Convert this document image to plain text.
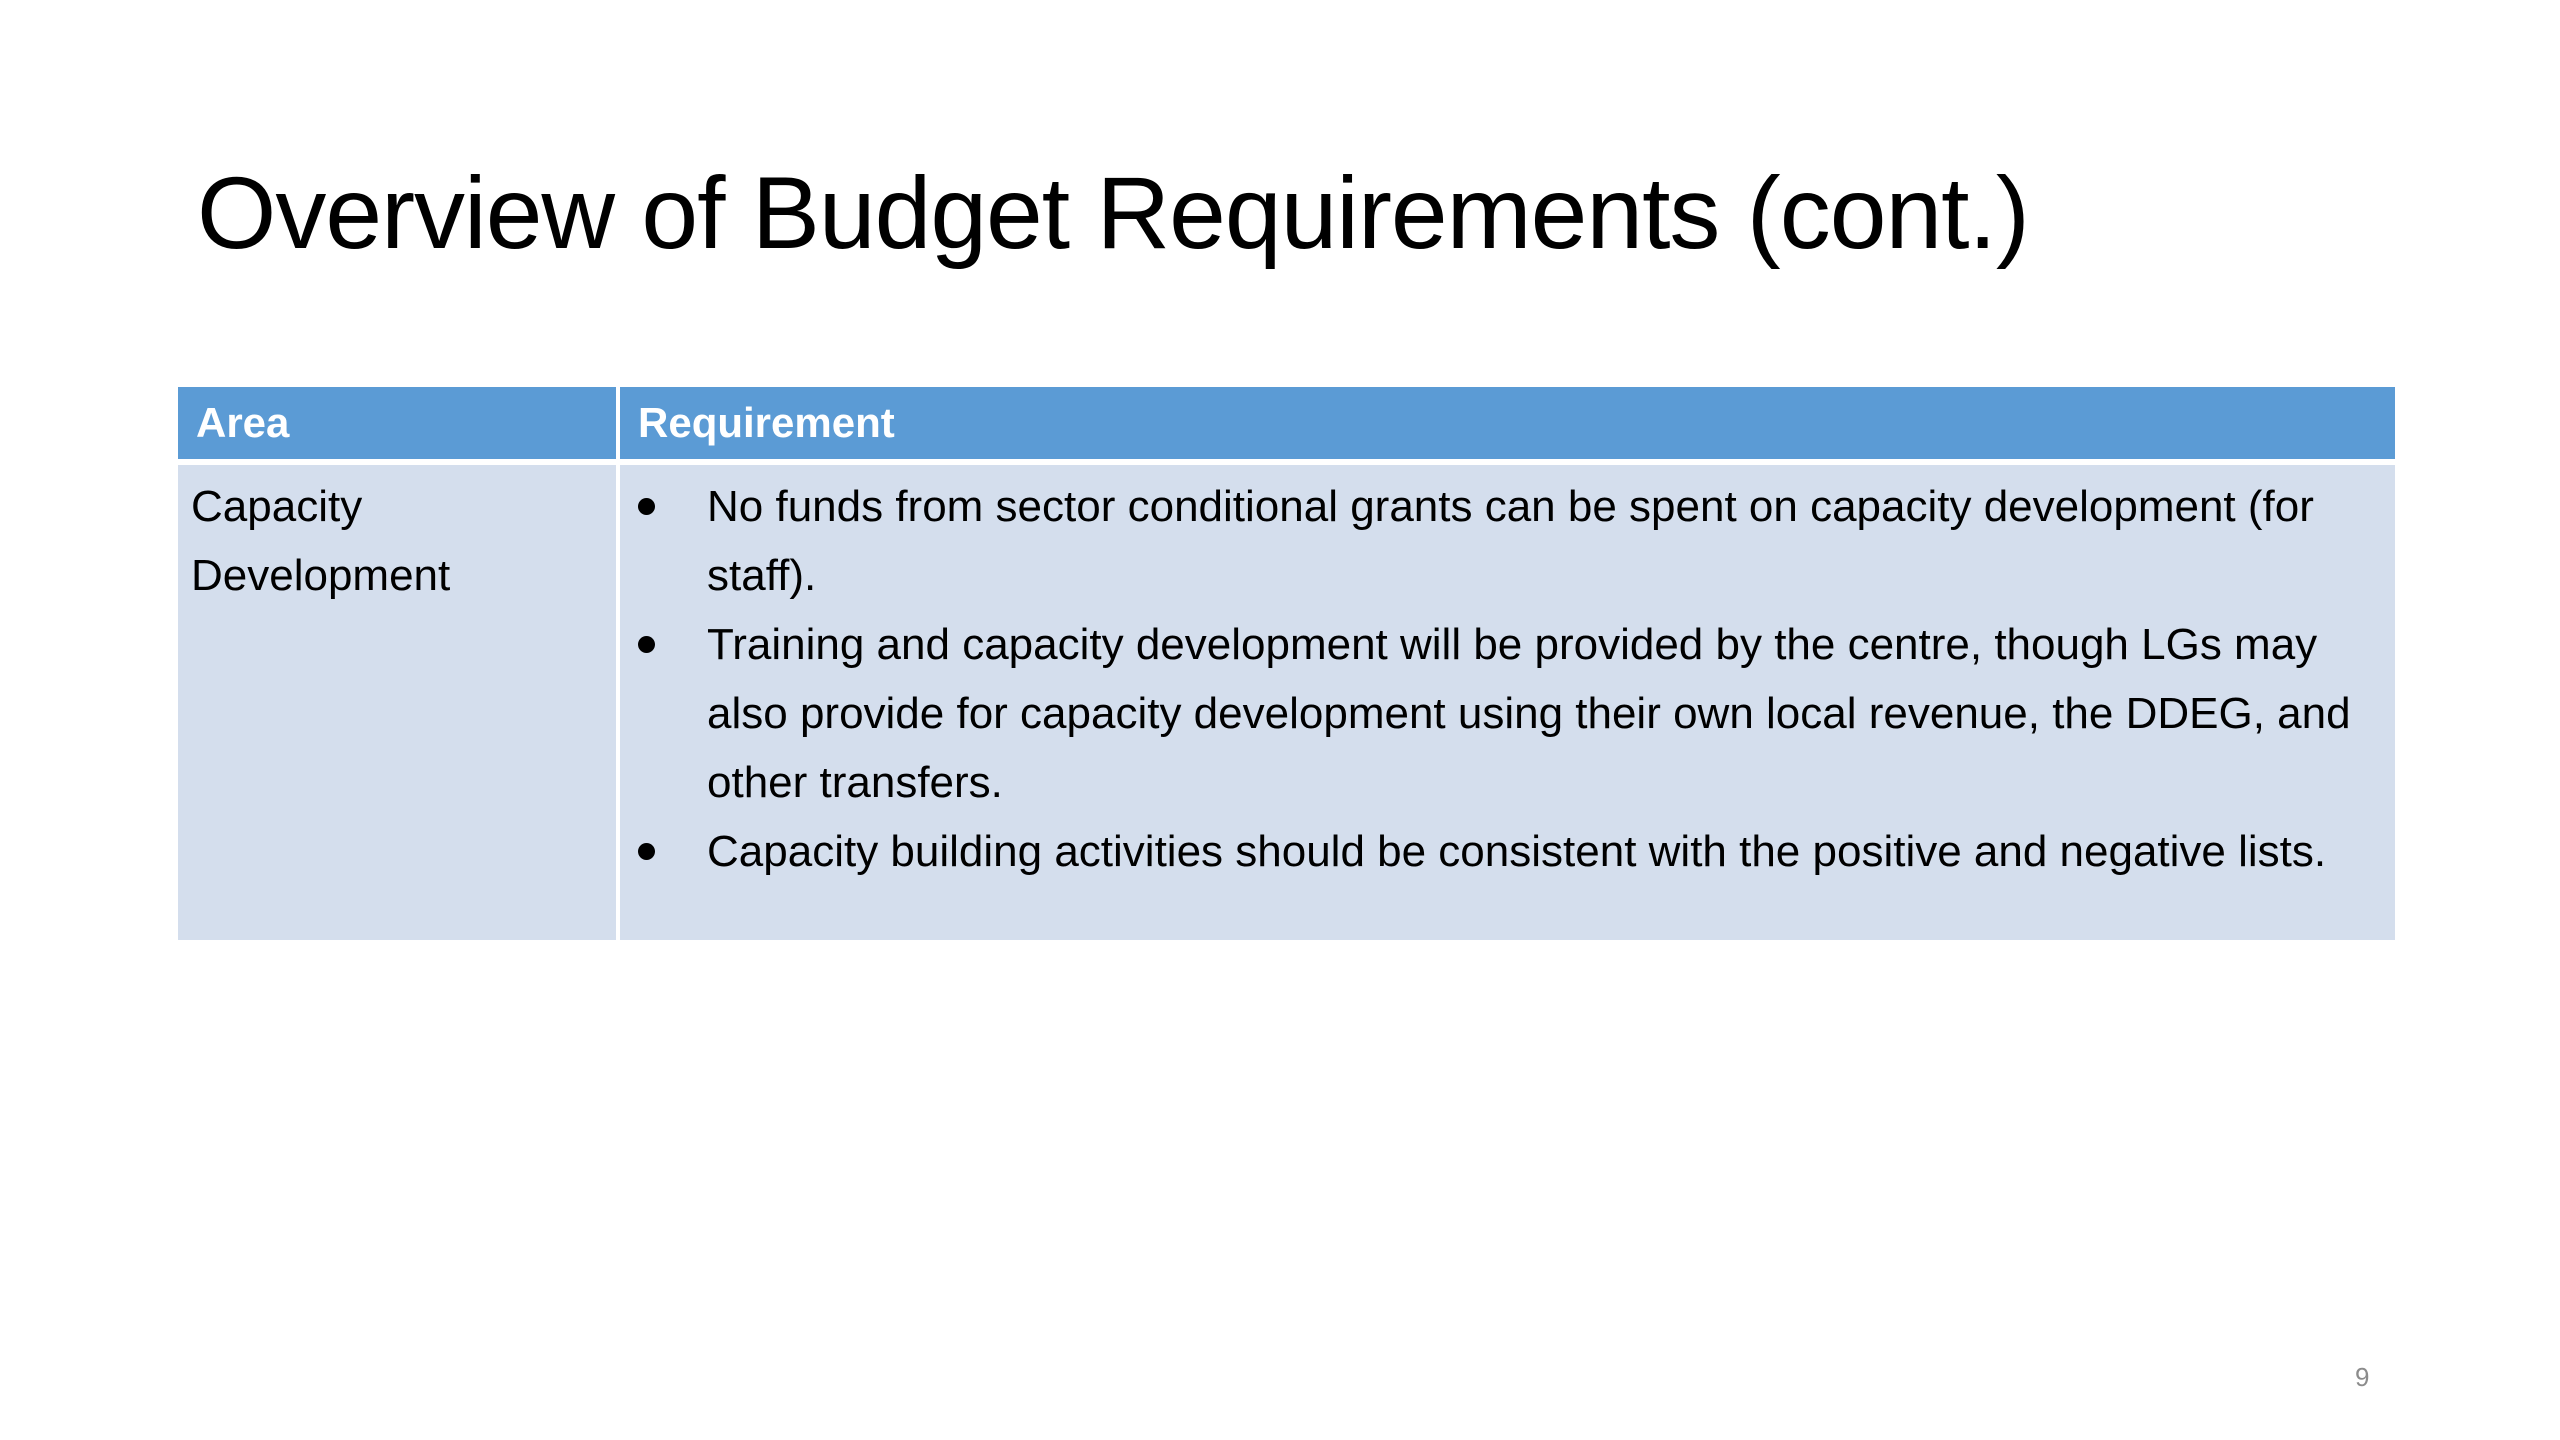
Overview of Budget Requirements (cont.)
Area	Requirement
Capacity Development
No funds from sector conditional grants can be spent on capacity development (for staff).
Training and capacity development will be provided by the centre, though LGs may also provide for capacity development using their own local revenue, the DDEG, and other transfers.
Capacity building activities should be consistent with the positive and negative lists.
9
